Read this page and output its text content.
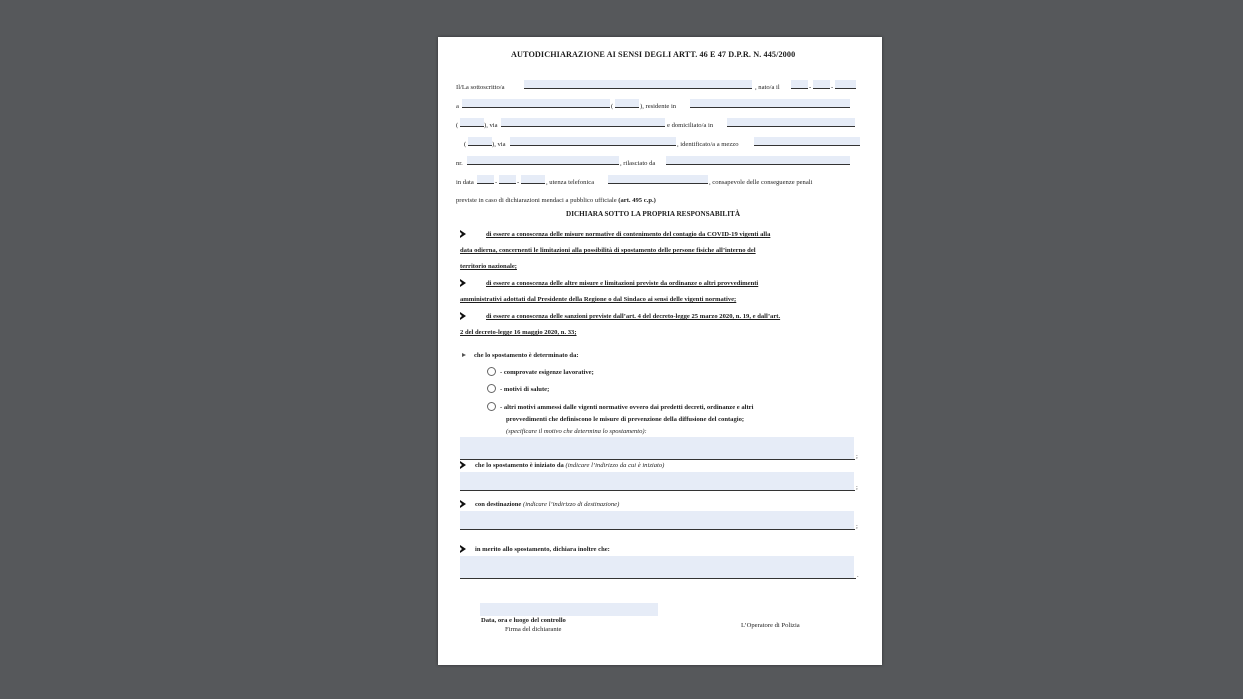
AUTODICHIARAZIONE AI SENSI DEGLI ARTT. 46 E 47 D.P.R. N. 445/2000
Il/La sottoscritto/a	, nato/a il	-	-
a	(	), residente in
(	), via	e domiciliato/a in
(	), via	, identificato/a a mezzo
nr.	, rilasciato da
in data	-	-	, utenza telefonica	, consapevole delle conseguenze penali
previste in caso di dichiarazioni mendaci a pubblico ufficiale (art. 495 c.p.)
DICHIARA SOTTO LA PROPRIA RESPONSABILITÀ
di essere a conoscenza delle misure normative di contenimento del contagio da COVID-19 vigenti alla
data odierna, concernenti le limitazioni alla possibilità di spostamento delle persone fisiche all’interno del
territorio nazionale;
di essere a conoscenza delle altre misure e limitazioni previste da ordinanze o altri provvedimenti
amministrativi adottati dal Presidente della Regione o dal Sindaco ai sensi delle vigenti normative;
di essere a conoscenza delle sanzioni previste dall’art. 4 del decreto-legge 25 marzo 2020, n. 19, e dall’art.
2 del decreto-legge 16 maggio 2020, n. 33;
che lo spostamento è determinato da:
- comprovate esigenze lavorative;
- motivi di salute;
- altri motivi ammessi dalle vigenti normative ovvero dai predetti decreti, ordinanze e altri
provvedimenti che definiscono le misure di prevenzione della diffusione del contagio;
(specificare il motivo che determina lo spostamento):
;
che lo spostamento è iniziato da (indicare l’indirizzo da cui è iniziato)
;
con destinazione (indicare l’indirizzo di destinazione)
;
in merito allo spostamento, dichiara inoltre che:
.
Data, ora e luogo del controllo
Firma del dichiarante
L’Operatore di Polizia
